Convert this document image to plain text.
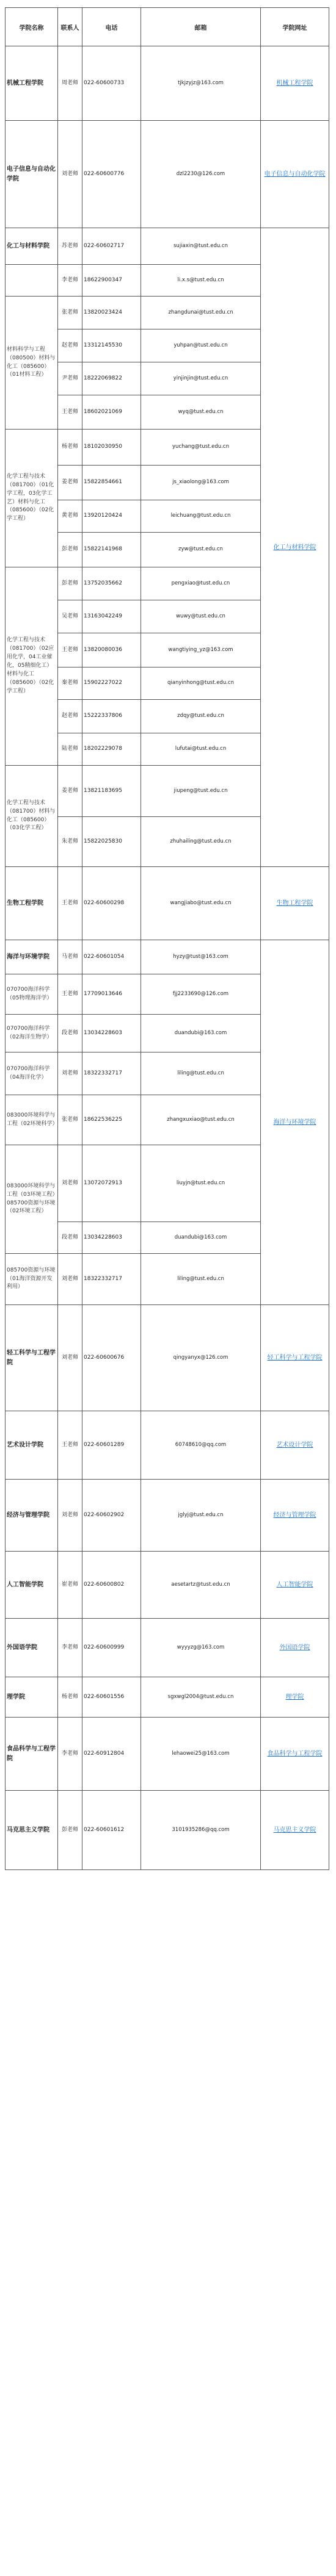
学院名称	联系人	电话	邮箱	学院网址
机械工程学院	周老师	022-60600733	tjkjzyjz@163.com	机械工程学院
电子信息与自动化学院	刘老师	022-60600776	dzl2230@126.com	电子信息与自动化学院
化工与材料学院	苏老师	022-60602717	sujiaxin@tust.edu.cn	化工与材料学院
	李老师	18622900347	li.x.s@tust.edu.cn	
材料科学与工程（080500）材料与化工（085600）（01材料工程）	张老师	13820023424	zhangdunai@tust.edu.cn	
	赵老师	13312145530	yuhpan@tust.edu.cn	
	尹老师	18222069822	yinjinjin@tust.edu.cn	
	王老师	18602021069	wyq@tust.edu.cn	
化学工程与技术（081700）（01化学工程，03化学工艺）材料与化工（085600）（02化学工程）	杨老师	18102030950	yuchang@tust.edu.cn	
	姜老师	15822854661	js_xiaolong@163.com	
	黄老师	13920120424	leichuang@tust.edu.cn	
	彭老师	15822141968	zyw@tust.edu.cn	
化学工程与技术（081700）（02应用化学，04工业催化，05精细化工）材料与化工（085600）（02化学工程）	彭老师	13752035662	pengxiao@tust.edu.cn	
	吴老师	13163042249	wuwy@tust.edu.cn	
	王老师	13820080036	wangtiying_yz@163.com	
	秦老师	15902227022	qianyinhong@tust.edu.cn	
	赵老师	15222337806	zdqy@tust.edu.cn	
	陆老师	18202229078	lufutai@tust.edu.cn	
化学工程与技术（081700）材料与化工（085600）（03化学工程）	姜老师	13821183695	jiupeng@tust.edu.cn	
	朱老师	15822025830	zhuhailing@tust.edu.cn	
生物工程学院	王老师	022-60600298	wangjiabo@tust.edu.cn	生物工程学院
海洋与环境学院	马老师	022-60601054	hyzy@tust@163.com	海洋与环境学院
070700海洋科学（05物理海洋学）	王老师	17709013646	fjj2233690@126.com	
070700海洋科学（02海洋生物学）	段老师	13034228603	duandubi@163.com	
070700海洋科学（04海洋化学）	刘老师	18322332717	liling@tust.edu.cn	
083000环境科学与工程（02环境科学）	张老师	18622536225	zhangxuxiao@tust.edu.cn	
083000环境科学与工程（03环境工程）085700资源与环境（02环境工程）	刘老师	13072072913	liuyjn@tust.edu.cn	
	段老师	13034228603	duandubi@163.com	
085700资源与环境（01海洋资源开发利用）	刘老师	18322332717	liling@tust.edu.cn	
轻工科学与工程学院	刘老师	022-60600676	qingyanyx@126.com	轻工科学与工程学院
艺术设计学院	王老师	022-60601289	60748610@qq.com	艺术设计学院
经济与管理学院	刘老师	022-60602902	jglyj@tust.edu.cn	经济与管理学院
人工智能学院	崔老师	022-60600802	aesetartz@tust.edu.cn	人工智能学院
外国语学院	李老师	022-60600999	wyyyzg@163.com	外国语学院
理学院	杨老师	022-60601556	sgxwgl2004@tust.edu.cn	理学院
食品科学与工程学院	李老师	022-60912804	lehaowei25@163.com	食品科学与工程学院
马克思主义学院	彭老师	022-60601612	3101935286@qq.com	马克思主义学院
